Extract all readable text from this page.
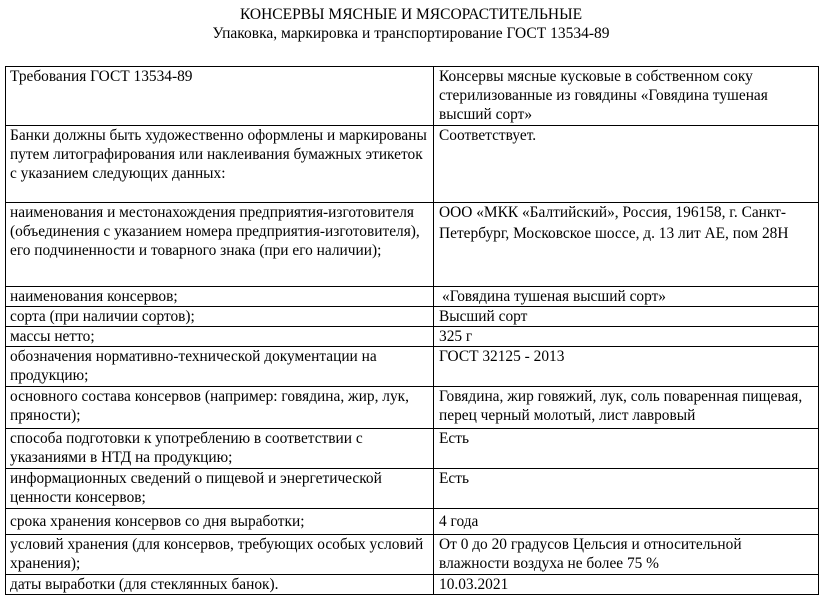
КОНСЕРВЫ МЯСНЫЕ И МЯСОРАСТИТЕЛЬНЫЕ
Упаковка, маркировка и транспортирование ГОСТ 13534-89
Требования ГОСТ 13534-89	Консервы мясные кусковые в собственном соку стерилизованные из говядины «Говядина тушеная высший сорт»
Банки должны быть художественно оформлены и маркированы путем литографирования или наклеивания бумажных этикеток с указанием следующих данных:	Соответствует.
наименования и местонахождения предприятия-изготовителя (объединения с указанием номера предприятия-изготовителя), его подчиненности и товарного знака (при его наличии);	ООО «МКК «Балтийский», Россия, 196158, г. Санкт-Петербург, Московское шоссе, д. 13 лит АЕ, пом 28Н
наименования консервов;	«Говядина тушеная высший сорт»
сорта (при наличии сортов);	Высший сорт
массы нетто;	325 г
обозначения нормативно-технической документации на продукцию;	ГОСТ 32125 - 2013
основного состава консервов (например: говядина, жир, лук, пряности);	Говядина, жир говяжий, лук, соль поваренная пищевая, перец черный молотый, лист лавровый
способа подготовки к употреблению в соответствии с указаниями в НТД на продукцию;	Есть
информационных сведений о пищевой и энергетической ценности консервов;	Есть
срока хранения консервов со дня выработки;	4 года
условий хранения (для консервов, требующих особых условий хранения);	От 0 до 20 градусов Цельсия и относительной влажности воздуха не более 75 %
даты выработки (для стеклянных банок).	10.03.2021
